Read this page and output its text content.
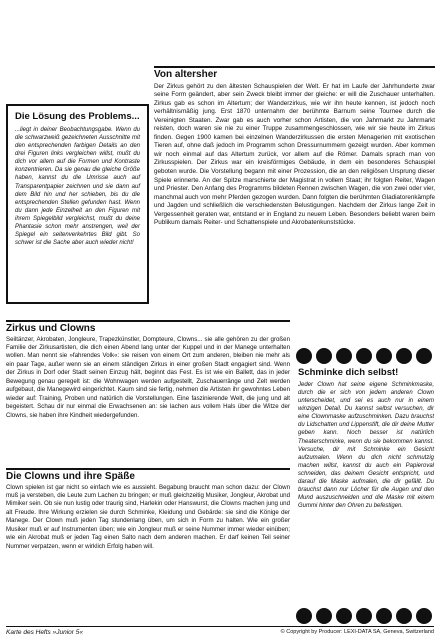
Die Lösung des Problems...
...liegt in deiner Beobachtungsgabe. Wenn du die schwarzweiß gezeichneten Ausschnitte mit den entsprechenden farbigen Details an den drei Figuren links vergleichen willst, mußt du dich vor allem auf die Formen und Kontraste konzentrieren. Da sie genau die gleiche Größe haben, kannst du die Umrisse auch auf Transparentpapier zeichnen und sie dann auf dem Bild hin und her schieben, bis du die entsprechenden Stellen gefunden hast. Wenn du dann jede Einzelheit an den Figuren mit ihrem Spiegelbild vergleichst, mußt du deine Phantasie schon mehr anstrengen, weil der Spiegel ein seitenverkehrtes Bild gibt. So schwer ist die Sache aber auch wieder nicht!
Von altersher
Der Zirkus gehört zu den ältesten Schauspielen der Welt. Er hat im Laufe der Jahrhunderte zwar seine Form geändert, aber sein Zweck bleibt immer der gleiche: er will die Zuschauer unterhalten. Zirkus gab es schon im Altertum; der Wanderzirkus, wie wir ihn heute kennen, ist jedoch noch verhältnismäßig jung. Erst 1870 unternahm der berühmte Barnum seine Tournee durch die Vereinigten Staaten. Zwar gab es auch vorher schon Artisten, die von Jahrmarkt zu Jahrmarkt reisten, doch waren sie nie zu einer Truppe zusammengeschlossen, wie wir sie heute im Zirkus finden. Gegen 1900 kamen bei einzelnen Wanderzirkussen die ersten Menagerien mit exotischen Tieren auf, ohne daß jedoch im Programm schon Dressurnummern gezeigt wurden. Aber kommen wir noch einmal auf das Altertum zurück, vor allem auf die Römer. Damals sprach man von Zirkusspielen. Der Zirkus war ein kreisförmiges Gebäude, in dem ein besonderes Schauspiel geboten wurde. Die Vorstellung begann mit einer Prozession, die an den religiösen Ursprung dieser Spiele erinnerte. An der Spitze marschierte der Magistrat in vollem Staat; ihr folgten Reiter, Wagen und Priester. Den Anfang des Programms bildeten Rennen zwischen Wagen, die von zwei oder vier, manchmal auch von mehr Pferden gezogen wurden. Dann folgten die berühmten Gladiatorenkämpfe und Jagden und schließlich die verschiedensten Belustigungen. Nachdem der Zirkus lange Zeit in Vergessenheit geraten war, entstand er in England zu neuem Leben. Besonders beliebt waren beim Publikum damals Reiter- und Schattenspiele und Akrobatenkunststücke.
Zirkus und Clowns
Seiltänzer, Akrobaten, Jongleure, Trapezkünstler, Dompteure, Clowns... sie alle gehören zu der großen Familie der Zirkusartisten, die dich einen Abend lang unter der Kuppel und in der Manege unterhalten wollen. Man nennt sie »fahrendes Volk«: sie reisen von einem Ort zum anderen, bleiben nie mehr als ein paar Tage, außer wenn sie an einem ständigen Zirkus in einer großen Stadt engagiert sind. Wenn der Zirkus in Dorf oder Stadt seinen Einzug hält, beginnt das Fest. Es ist wie ein Ballett, das in jeder Bewegung genau geregelt ist: die Wohnwagen werden aufgestellt, Zuschauerränge und Zelt werden aufgebaut, die Manegewird eingerichtet. Kaum sind sie fertig, nehmen die Artisten ihr gewohntes Leben wieder auf: Training, Proben und natürlich die Vorstellungen. Eine faszinierende Welt, die jung und alt begeistert. Schau dir nur einmal die Erwachsenen an: sie lachen aus vollem Hals über die Witze der Clowns, sie haben ihre Kindheit wiedergefunden.
Die Clowns und ihre Späße
Clown spielen ist gar nicht so einfach wie es aussieht. Begabung braucht man schon dazu: der Clown muß ja versteben, die Leute zum Lachen zu bringen; er muß gleichzeitig Musiker, Jongleur, Akrobat und Mimiker sein. Ob sie nun lustig oder traurig sind, Harlekin oder Hanswurst, die Clowns machen jung und alt Freude. Ihre Wirkung erzielen sie durch Schminke, Kleidung und Gebärde: sie sind die Könige der Manege. Der Clown muß jeden Tag stundenlang üben, um sich in Form zu halten. Wie ein großer Musiker muß er auf Instrumenten üben; wie ein Jongleur muß er seine Nummer immer wieder einüben; wie ein Akrobat muß er jeden Tag einen Salto nach dem anderen machen. Er darf keinen Teil seiner Nummer verpatzen, wenn er wirklich Erfolg haben will.
Schminke dich selbst!
Jeder Clown hat seine eigene Schminkmaske, durch die er sich von jedem anderen Clown unterscheidet, und sei es auch nur in einem winzigen Detail. Du kannst selbst versuchen, dir eine Clownmaske aufzuschminken. Dazu brauchst du Lidschatten und Lippenstift, die dir deine Mutter geben kann. Noch besser ist natürlich Theaterschminke, wenn du sie bekommen kannst. Versuche, dir mit Schminke ein Gesicht aufzumalen. Wenn du dich nicht schmutzig machen willst, kannst du auch ein Papieroval schneiden, das deinem Gesicht entspricht, und darauf die Maske aufmalen, die dir gefällt. Du brauchst dann nur Löcher für die Augen und den Mund auszuschneiden und die Maske mit einem Gummi hinter den Ohren zu befestigen.
Karte des Hefts »Junior 5«	© Copyright by Producer: LEXI-DATA SA, Geneva, Switzerland
